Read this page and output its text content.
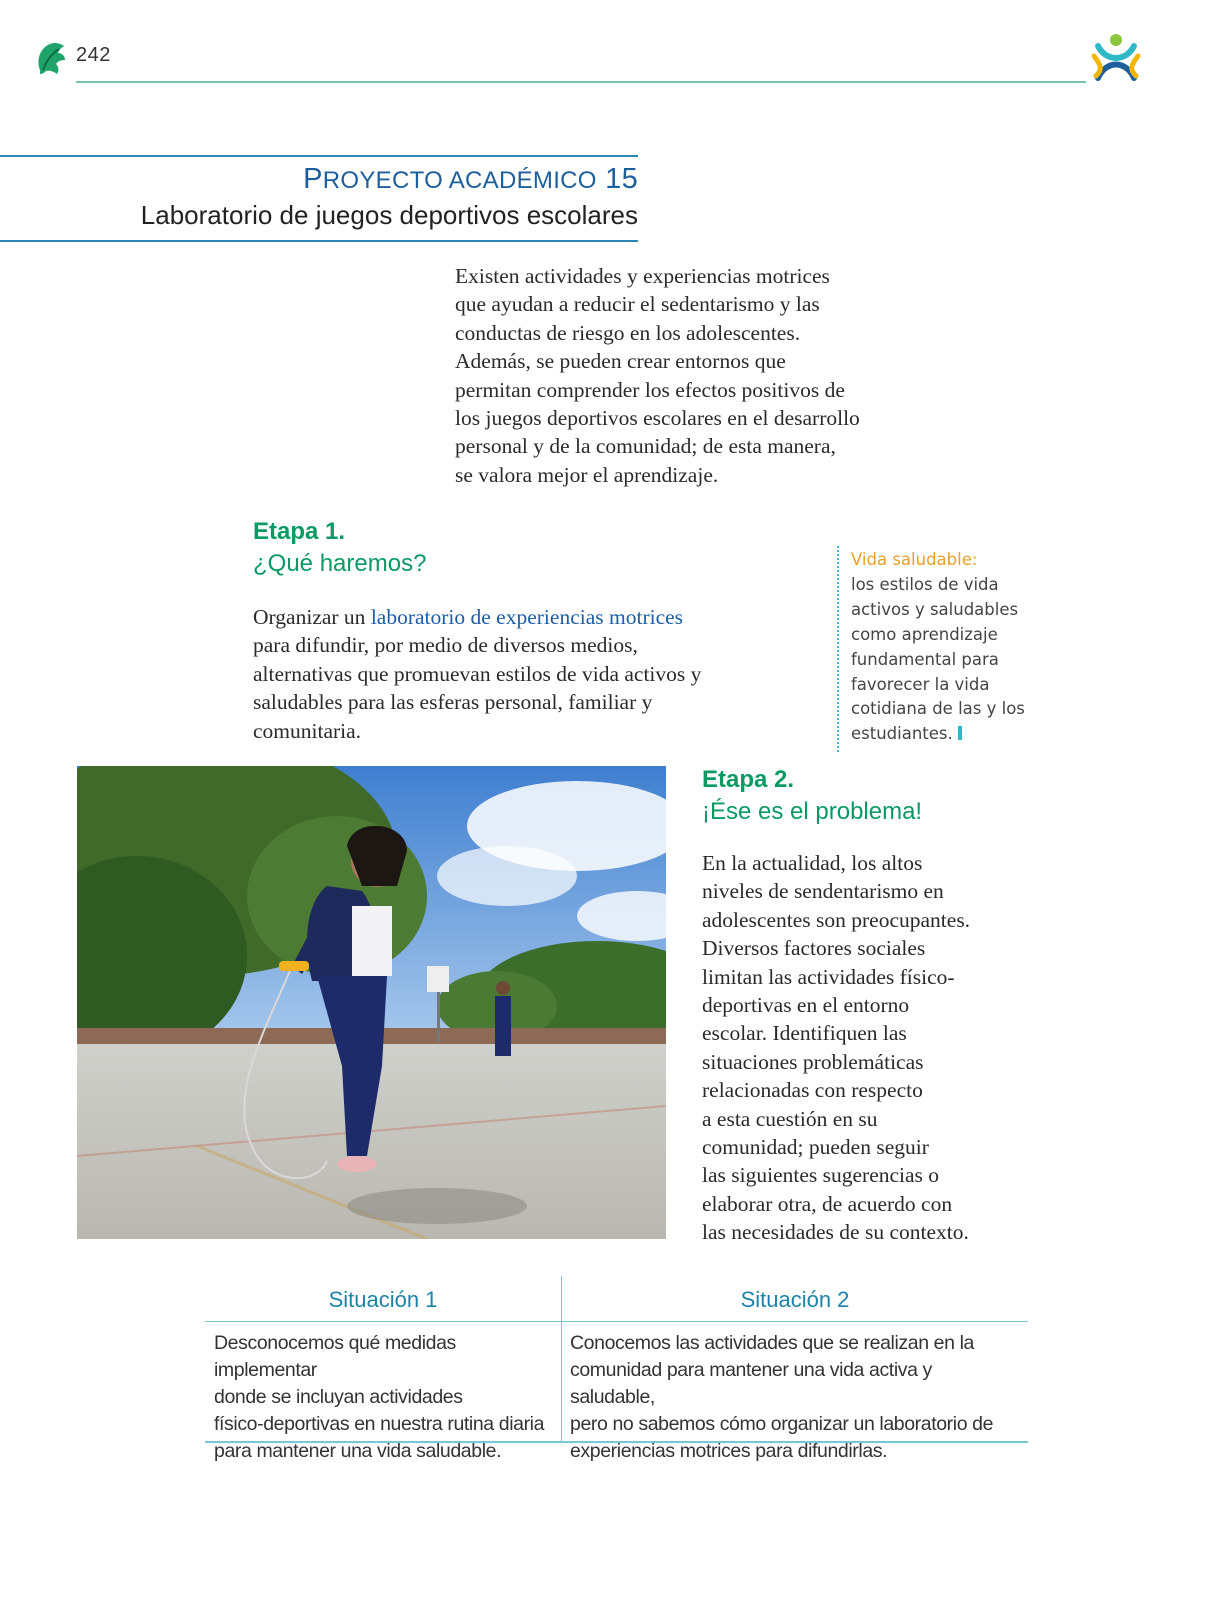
242
PROYECTO ACADÉMICO 15
Laboratorio de juegos deportivos escolares
Existen actividades y experiencias motrices
que ayudan a reducir el sedentarismo y las
conductas de riesgo en los adolescentes.
Además, se pueden crear entornos que
permitan comprender los efectos positivos de
los juegos deportivos escolares en el desarrollo
personal y de la comunidad; de esta manera,
se valora mejor el aprendizaje.
Etapa 1.
¿Qué haremos?
Organizar un laboratorio de experiencias motrices para difundir, por medio de diversos medios, alternativas que promuevan estilos de vida activos y saludables para las esferas personal, familiar y comunitaria.
Vida saludable:
los estilos de vida activos y saludables como aprendizaje fundamental para favorecer la vida cotidiana de las y los estudiantes.
Etapa 2.
¡Ése es el problema!
En la actualidad, los altos
niveles de sendentarismo en
adolescentes son preocupantes.
Diversos factores sociales
limitan las actividades físico-
deportivas en el entorno
escolar. Identifiquen las
situaciones problemáticas
relacionadas con respecto
a esta cuestión en su
comunidad; pueden seguir
las siguientes sugerencias o
elaborar otra, de acuerdo con
las necesidades de su contexto.
Situación 1	Situación 2
Desconocemos qué medidas implementar
donde se incluyan actividades
físico-deportivas en nuestra rutina diaria
para mantener una vida saludable.
Conocemos las actividades que se realizan en la
comunidad para mantener una vida activa y saludable,
pero no sabemos cómo organizar un laboratorio de
experiencias motrices para difundirlas.
